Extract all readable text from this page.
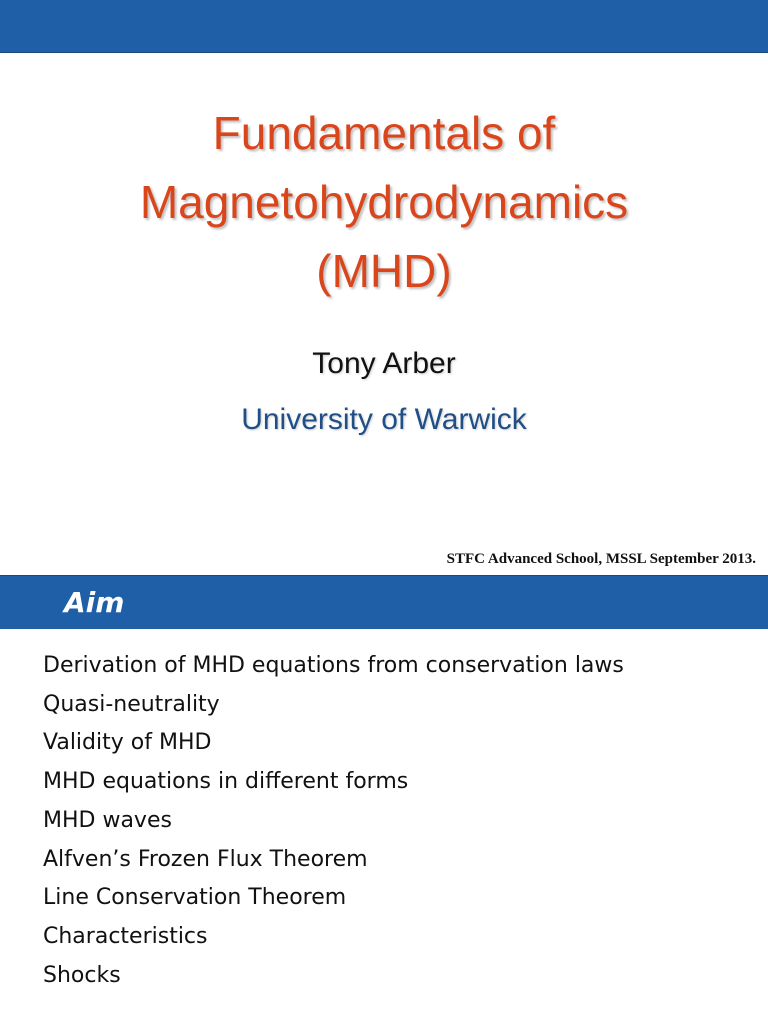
Fundamentals of
Magnetohydrodynamics
(MHD)
Tony Arber
University of Warwick
STFC Advanced School, MSSL September 2013.
Aim
Derivation of MHD equations from conservation laws
Quasi-neutrality
Validity of MHD
MHD equations in different forms
MHD waves
Alfven’s Frozen Flux Theorem
Line Conservation Theorem
Characteristics
Shocks
